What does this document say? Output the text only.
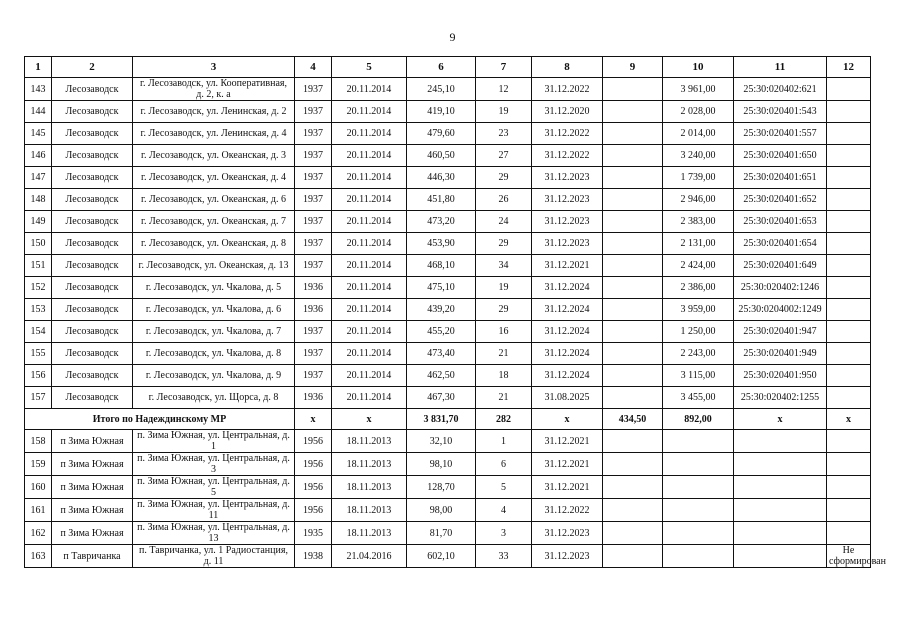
9
1	2	3	4	5	6	7	8	9	10	11	12
143	Лесозаводск	г. Лесозаводск, ул. Кооперативная, д. 2, к. а	1937	20.11.2014	245,10	12	31.12.2022		3 961,00	25:30:020402:621	
144	Лесозаводск	г. Лесозаводск, ул. Ленинская, д. 2	1937	20.11.2014	419,10	19	31.12.2020		2 028,00	25:30:020401:543	
145	Лесозаводск	г. Лесозаводск, ул. Ленинская, д. 4	1937	20.11.2014	479,60	23	31.12.2022		2 014,00	25:30:020401:557	
146	Лесозаводск	г. Лесозаводск, ул. Океанская, д. 3	1937	20.11.2014	460,50	27	31.12.2022		3 240,00	25:30:020401:650	
147	Лесозаводск	г. Лесозаводск, ул. Океанская, д. 4	1937	20.11.2014	446,30	29	31.12.2023		1 739,00	25:30:020401:651	
148	Лесозаводск	г. Лесозаводск, ул. Океанская, д. 6	1937	20.11.2014	451,80	26	31.12.2023		2 946,00	25:30:020401:652	
149	Лесозаводск	г. Лесозаводск, ул. Океанская, д. 7	1937	20.11.2014	473,20	24	31.12.2023		2 383,00	25:30:020401:653	
150	Лесозаводск	г. Лесозаводск, ул. Океанская, д. 8	1937	20.11.2014	453,90	29	31.12.2023		2 131,00	25:30:020401:654	
151	Лесозаводск	г. Лесозаводск, ул. Океанская, д. 13	1937	20.11.2014	468,10	34	31.12.2021		2 424,00	25:30:020401:649	
152	Лесозаводск	г. Лесозаводск, ул. Чкалова, д. 5	1936	20.11.2014	475,10	19	31.12.2024		2 386,00	25:30:020402:1246	
153	Лесозаводск	г. Лесозаводск, ул. Чкалова, д. 6	1936	20.11.2014	439,20	29	31.12.2024		3 959,00	25:30:0204002:1249	
154	Лесозаводск	г. Лесозаводск, ул. Чкалова, д. 7	1937	20.11.2014	455,20	16	31.12.2024		1 250,00	25:30:020401:947	
155	Лесозаводск	г. Лесозаводск, ул. Чкалова, д. 8	1937	20.11.2014	473,40	21	31.12.2024		2 243,00	25:30:020401:949	
156	Лесозаводск	г. Лесозаводск, ул. Чкалова, д. 9	1937	20.11.2014	462,50	18	31.12.2024		3 115,00	25:30:020401:950	
157	Лесозаводск	г. Лесозаводск, ул. Щорса, д. 8	1936	20.11.2014	467,30	21	31.08.2025		3 455,00	25:30:020402:1255	
Итого по Надеждинскому МР			х	х	3 831,70	282	х	434,50	892,00	х	х
158	п Зима Южная	п. Зима Южная, ул. Центральная, д. 1	1956	18.11.2013	32,10	1	31.12.2021				
159	п Зима Южная	п. Зима Южная, ул. Центральная, д. 3	1956	18.11.2013	98,10	6	31.12.2021				
160	п Зима Южная	п. Зима Южная, ул. Центральная, д. 5	1956	18.11.2013	128,70	5	31.12.2021				
161	п Зима Южная	п. Зима Южная, ул. Центральная, д. 11	1956	18.11.2013	98,00	4	31.12.2022				
162	п Зима Южная	п. Зима Южная, ул. Центральная, д. 13	1935	18.11.2013	81,70	3	31.12.2023				
163	п Тавричанка	п. Тавричанка, ул. 1 Радиостанция, д. 11	1938	21.04.2016	602,10	33	31.12.2023				Не сформирован
